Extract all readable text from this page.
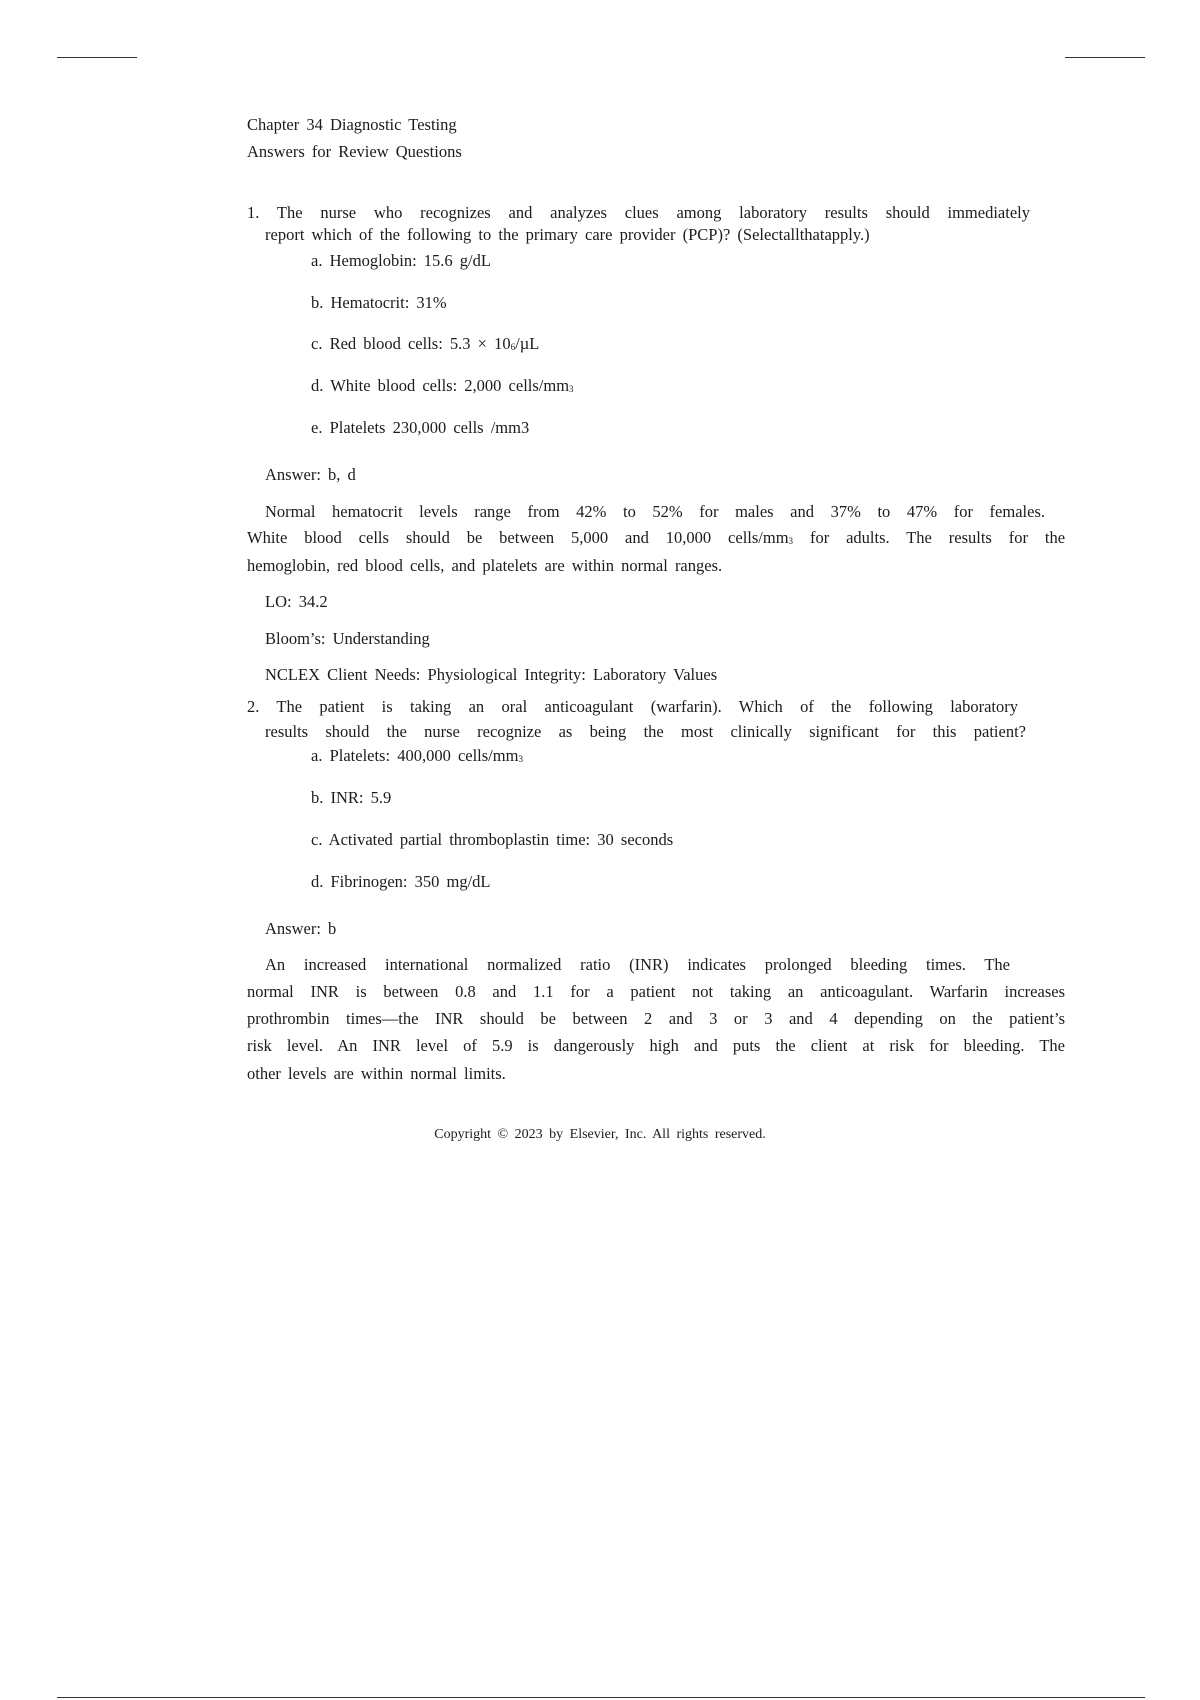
Chapter 34 Diagnostic Testing
Answers for Review Questions
1. The nurse who recognizes and analyzes clues among laboratory results should immediately
report which of the following to the primary care provider (PCP)? (Selectallthatapply.)
a. Hemoglobin: 15.6 g/dL
b. Hematocrit: 31%
c. Red blood cells: $5.3 \times 10_6/\mu L$
d. White blood cells: 2,000 cells/$mm_3$
e. Platelets 230,000 cells /mm3
Answer: b, d
Normal hematocrit levels range from 42% to 52% for males and 37% to 47% for females.
White blood cells should be between 5,000 and 10,000 cells/$mm_3$ for adults. The results for the
hemoglobin, red blood cells, and platelets are within normal ranges.
LO: 34.2
Bloom’s: Understanding
NCLEX Client Needs: Physiological Integrity: Laboratory Values
2. The patient is taking an oral anticoagulant (warfarin). Which of the following laboratory
results should the nurse recognize as being the most clinically significant for this patient?
a. Platelets: 400,000 cells/$mm_3$
b. INR: 5.9
c. Activated partial thromboplastin time: 30 seconds
d. Fibrinogen: 350 mg/dL
Answer: b
An increased international normalized ratio (INR) indicates prolonged bleeding times. The
normal INR is between 0.8 and 1.1 for a patient not taking an anticoagulant. Warfarin increases
prothrombin times—the INR should be between 2 and 3 or 3 and 4 depending on the patient’s
risk level. An INR level of 5.9 is dangerously high and puts the client at risk for bleeding. The
other levels are within normal limits.
Copyright © 2023 by Elsevier, Inc. All rights reserved.
